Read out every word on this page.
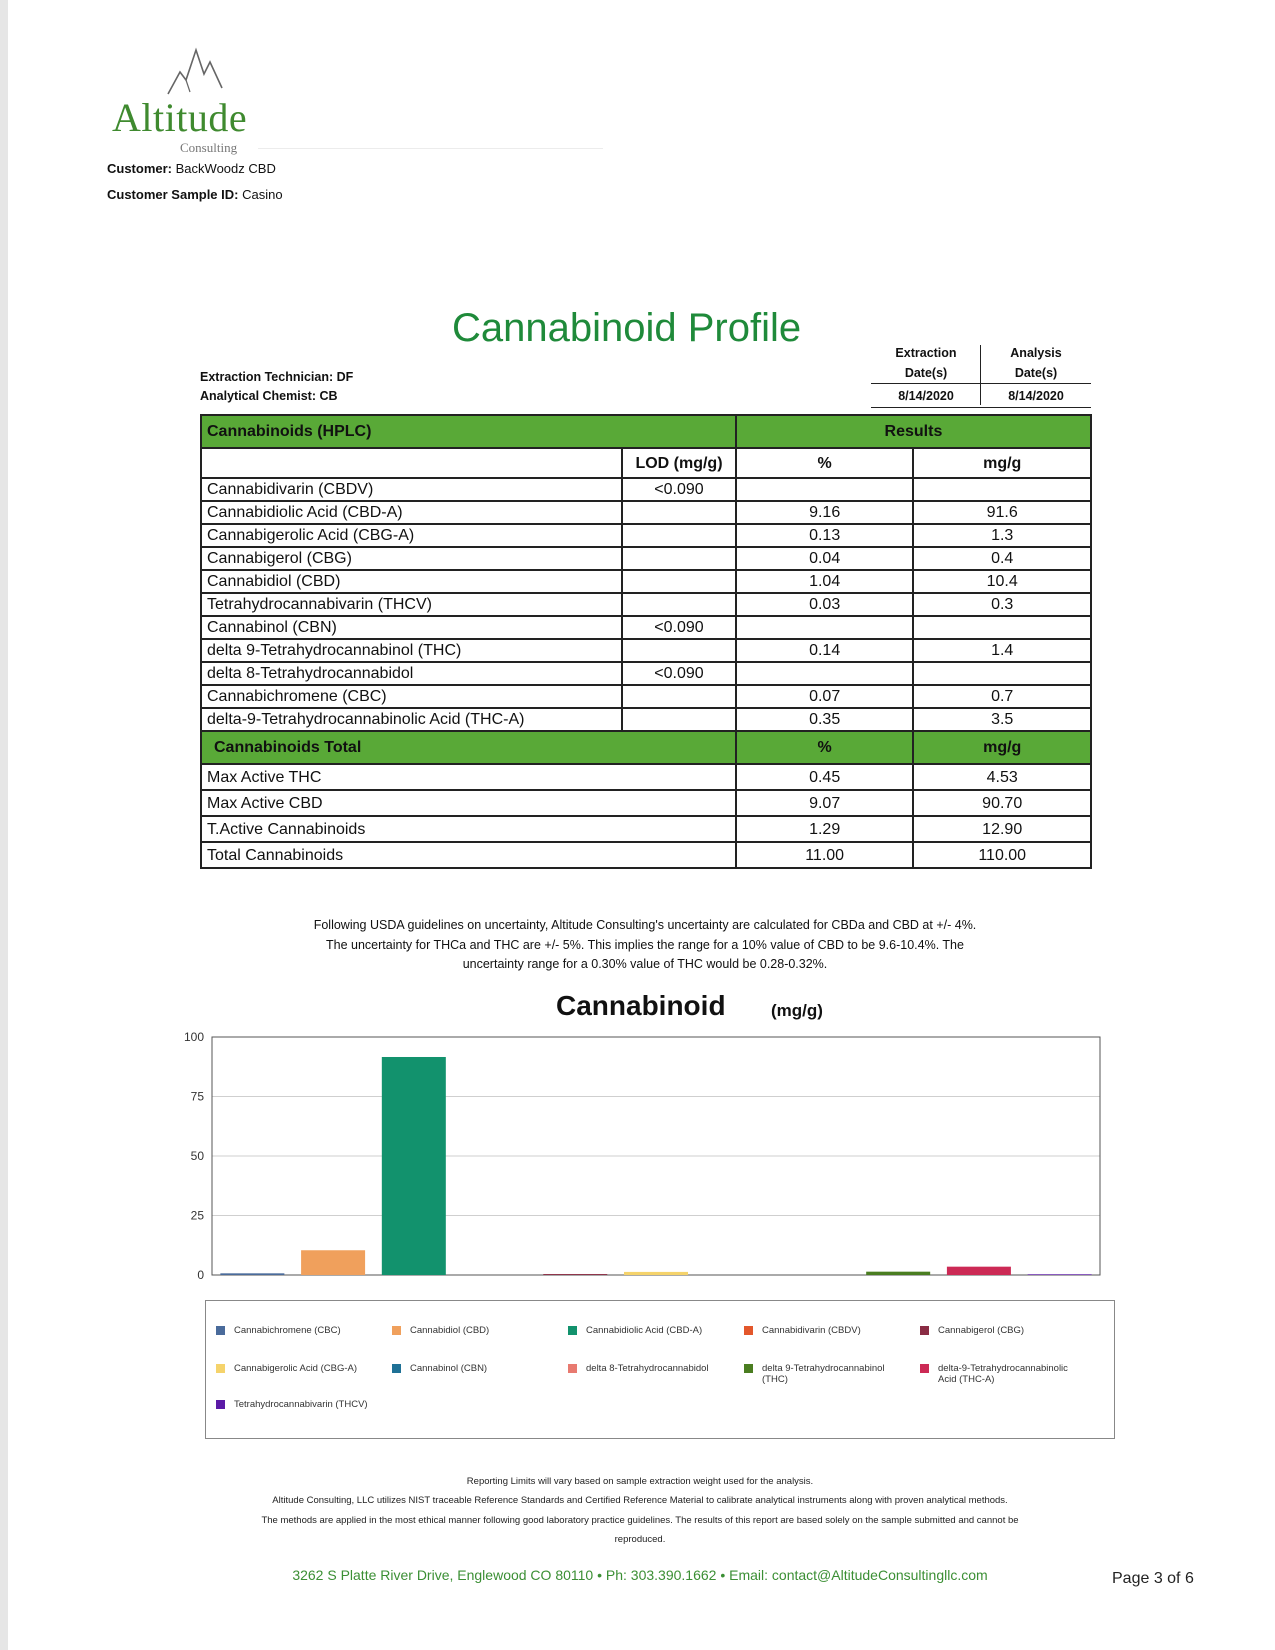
Altitude
Consulting
Customer: BackWoodz CBD
Customer Sample ID: Casino
Cannabinoid Profile
Extraction Technician: DF
Analytical Chemist: CB
Extraction
Date(s)
Analysis
Date(s)
8/14/2020	8/14/2020
Cannabinoids (HPLC)		Results	
	LOD (mg/g)	%	mg/g
Cannabidivarin (CBDV)	<0.090		
Cannabidiolic Acid (CBD-A)		9.16	91.6
Cannabigerolic Acid (CBG-A)		0.13	1.3
Cannabigerol (CBG)		0.04	0.4
Cannabidiol (CBD)		1.04	10.4
Tetrahydrocannabivarin (THCV)		0.03	0.3
Cannabinol (CBN)	<0.090		
delta 9-Tetrahydrocannabinol (THC)		0.14	1.4
delta 8-Tetrahydrocannabidol	<0.090		
Cannabichromene (CBC)		0.07	0.7
delta-9-Tetrahydrocannabinolic Acid (THC-A)		0.35	3.5
Cannabinoids Total		%	mg/g
Max Active THC		0.45	4.53
Max Active CBD		9.07	90.70
T.Active Cannabinoids		1.29	12.90
Total Cannabinoids		11.00	110.00
Following USDA guidelines on uncertainty, Altitude Consulting's uncertainty are calculated for CBDa and CBD at +/- 4%.
The uncertainty for THCa and THC are +/- 5%. This implies the range for a 10% value of CBD to be 9.6-10.4%. The
uncertainty range for a 0.30% value of THC would be 0.28-0.32%.
Cannabinoid	(mg/g)
0
25
50
75
100
Cannabichromene (CBC)	Cannabidiol (CBD)	Cannabidiolic Acid (CBD-A)	Cannabidivarin (CBDV)	Cannabigerol (CBG)
Cannabigerolic Acid (CBG-A)	Cannabinol (CBN)	delta 8-Tetrahydrocannabidol	delta 9-Tetrahydrocannabinol (THC)
delta-9-Tetrahydrocannabinolic Acid (THC-A)
Tetrahydrocannabivarin (THCV)
Reporting Limits will vary based on sample extraction weight used for the analysis.
Altitude Consulting, LLC utilizes NIST traceable Reference Standards and Certified Reference Material to calibrate analytical instruments along with proven analytical methods.
The methods are applied in the most ethical manner following good laboratory practice guidelines. The results of this report are based solely on the sample submitted and cannot be
reproduced.
3262 S Platte River Drive, Englewood CO 80110 • Ph: 303.390.1662 • Email: contact@AltitudeConsultingllc.com	Page 3 of 6
